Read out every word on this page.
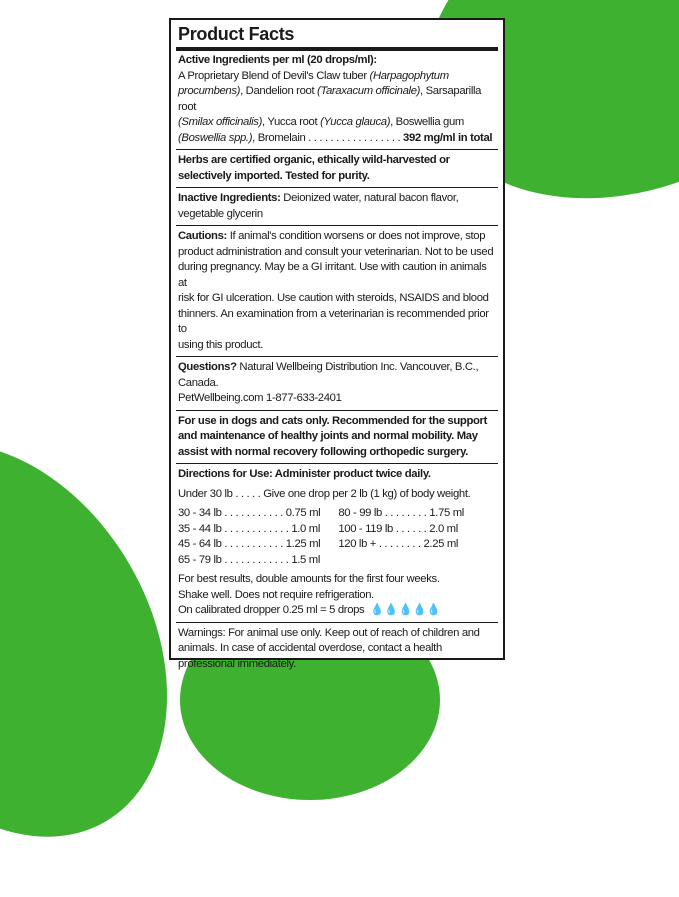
Product Facts
Active Ingredients per ml (20 drops/ml):
A Proprietary Blend of Devil's Claw tuber (Harpagophytum
procumbens), Dandelion root (Taraxacum officinale), Sarsaparilla root
(Smilax officinalis), Yucca root (Yucca glauca), Boswellia gum
(Boswellia spp.), Bromelain . . . . . . . . . . . . . . . . . 392 mg/ml in total
Herbs are certified organic, ethically wild-harvested or
selectively imported. Tested for purity.
Inactive Ingredients: Deionized water, natural bacon flavor,
vegetable glycerin
Cautions: If animal's condition worsens or does not improve, stop
product administration and consult your veterinarian. Not to be used
during pregnancy. May be a GI irritant. Use with caution in animals at
risk for GI ulceration. Use caution with steroids, NSAIDS and blood
thinners. An examination from a veterinarian is recommended prior to
using this product.
Questions? Natural Wellbeing Distribution Inc. Vancouver, B.C., Canada.
PetWellbeing.com 1-877-633-2401
For use in dogs and cats only. Recommended for the support
and maintenance of healthy joints and normal mobility. May
assist with normal recovery following orthopedic surgery.
Directions for Use: Administer product twice daily.
Under 30 lb . . . . . Give one drop per 2 lb (1 kg) of body weight.
30 - 34 lb . . . . . . . . . . . 0.75 ml
35 - 44 lb . . . . . . . . . . . . 1.0 ml
45 - 64 lb . . . . . . . . . . . 1.25 ml
65 - 79 lb . . . . . . . . . . . . 1.5 ml
80 - 99 lb . . . . . . . . 1.75 ml
100 - 119 lb . . . . . . 2.0 ml
120 lb + . . . . . . . . 2.25 ml
For best results, double amounts for the first four weeks.
Shake well. Does not require refrigeration.
On calibrated dropper 0.25 ml = 5 drops 💧💧💧💧💧
Warnings: For animal use only. Keep out of reach of children and
animals. In case of accidental overdose, contact a health
professional immediately.
